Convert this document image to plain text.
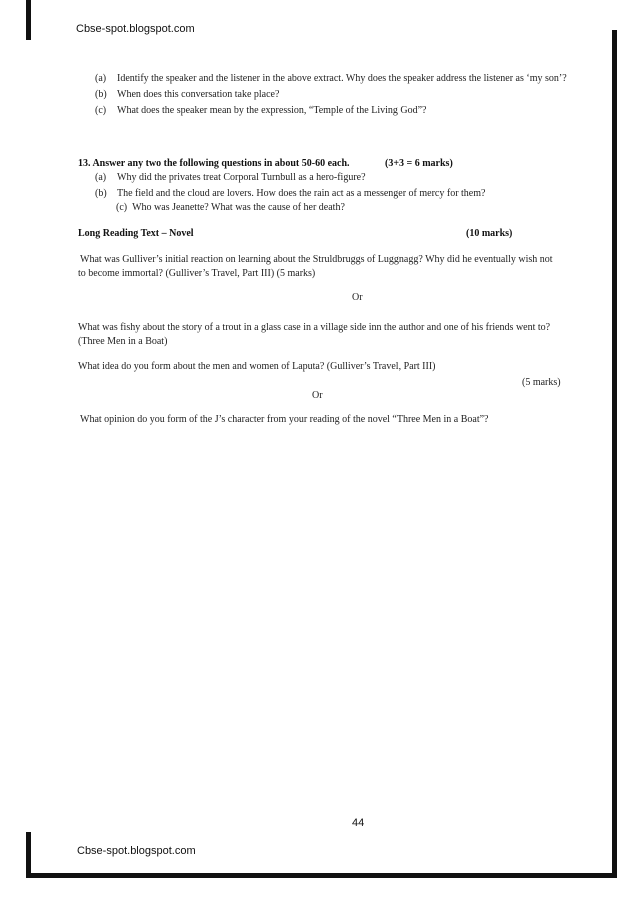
Cbse-spot.blogspot.com
(a)	Identify the speaker and the listener in the above extract. Why does the speaker address the listener as ‘my son’?
(b)	When does this conversation take place?
(c)	What does the speaker mean by the expression, “Temple of the Living God”?
13. Answer any two the following questions in about 50-60 each.	(3+3 = 6 marks)
(a)	Why did the privates treat Corporal Turnbull as a hero-figure?
(b)	The field and the cloud are lovers. How does the rain act as a messenger of mercy for them?
(c) Who was Jeanette? What was the cause of her death?
Long Reading Text – Novel	(10 marks)
What was Gulliver’s initial reaction on learning about the Struldbruggs of Luggnagg? Why did he eventually wish not
to become immortal? (Gulliver’s Travel, Part III) (5 marks)
Or
What was fishy about the story of a trout in a glass case in a village side inn the author and one of his friends went to?
(Three Men in a Boat)
What idea do you form about the men and women of Laputa? (Gulliver’s Travel, Part III)
(5 marks)
Or
What opinion do you form of the J’s character from your reading of the novel “Three Men in a Boat”?
44
Cbse-spot.blogspot.com
